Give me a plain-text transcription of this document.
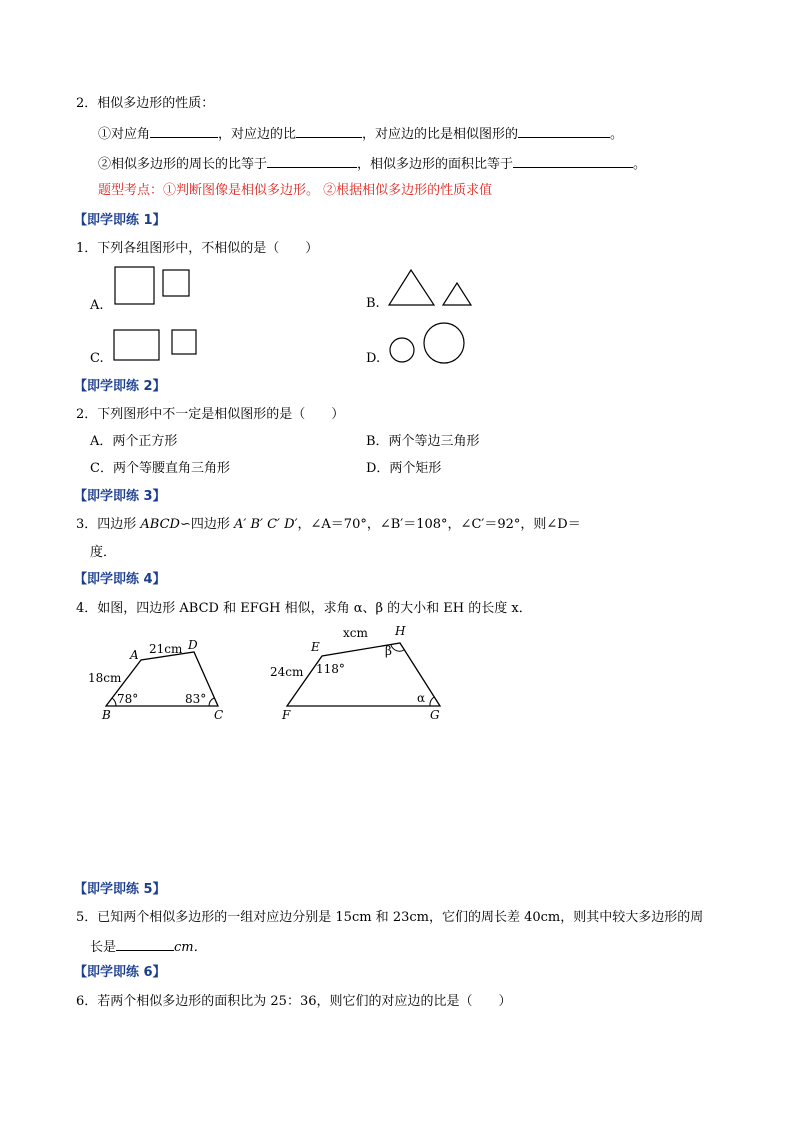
2．相似多边形的性质：
①对应角	，对应边的比	，对应边的比是相似图形的	。
②相似多边形的周长的比等于	，相似多边形的面积比等于	。
题型考点：①判断图像是相似多边形。 ②根据相似多边形的性质求值
【即学即练 1】
1．下列各组图形中，不相似的是（　　）
A.	B.
C.	D.
【即学即练 2】
2．下列图形中不一定是相似图形的是（　　）
A．两个正方形	B．两个等边三角形
C．两个等腰直角三角形	D．两个矩形
【即学即练 3】
3．四边形 ABCD∽四边形 A′ B′ C′ D′，∠A＝70°，∠B′＝108°，∠C′＝92°，则∠D＝
度．
【即学即练 4】
4．如图，四边形 ABCD 和 EFGH 相似，求角 α、β 的大小和 EH 的长度 x．
A
D
B	C
21cm
18cm
78°	83°
E
H
F	G
xcm
24cm 118°
α
β
【即学即练 5】
5．已知两个相似多边形的一组对应边分别是 15cm 和 23cm，它们的周长差 40cm，则其中较大多边形的周
长是	cm．
【即学即练 6】
6．若两个相似多边形的面积比为 25：36，则它们的对应边的比是（　　）
